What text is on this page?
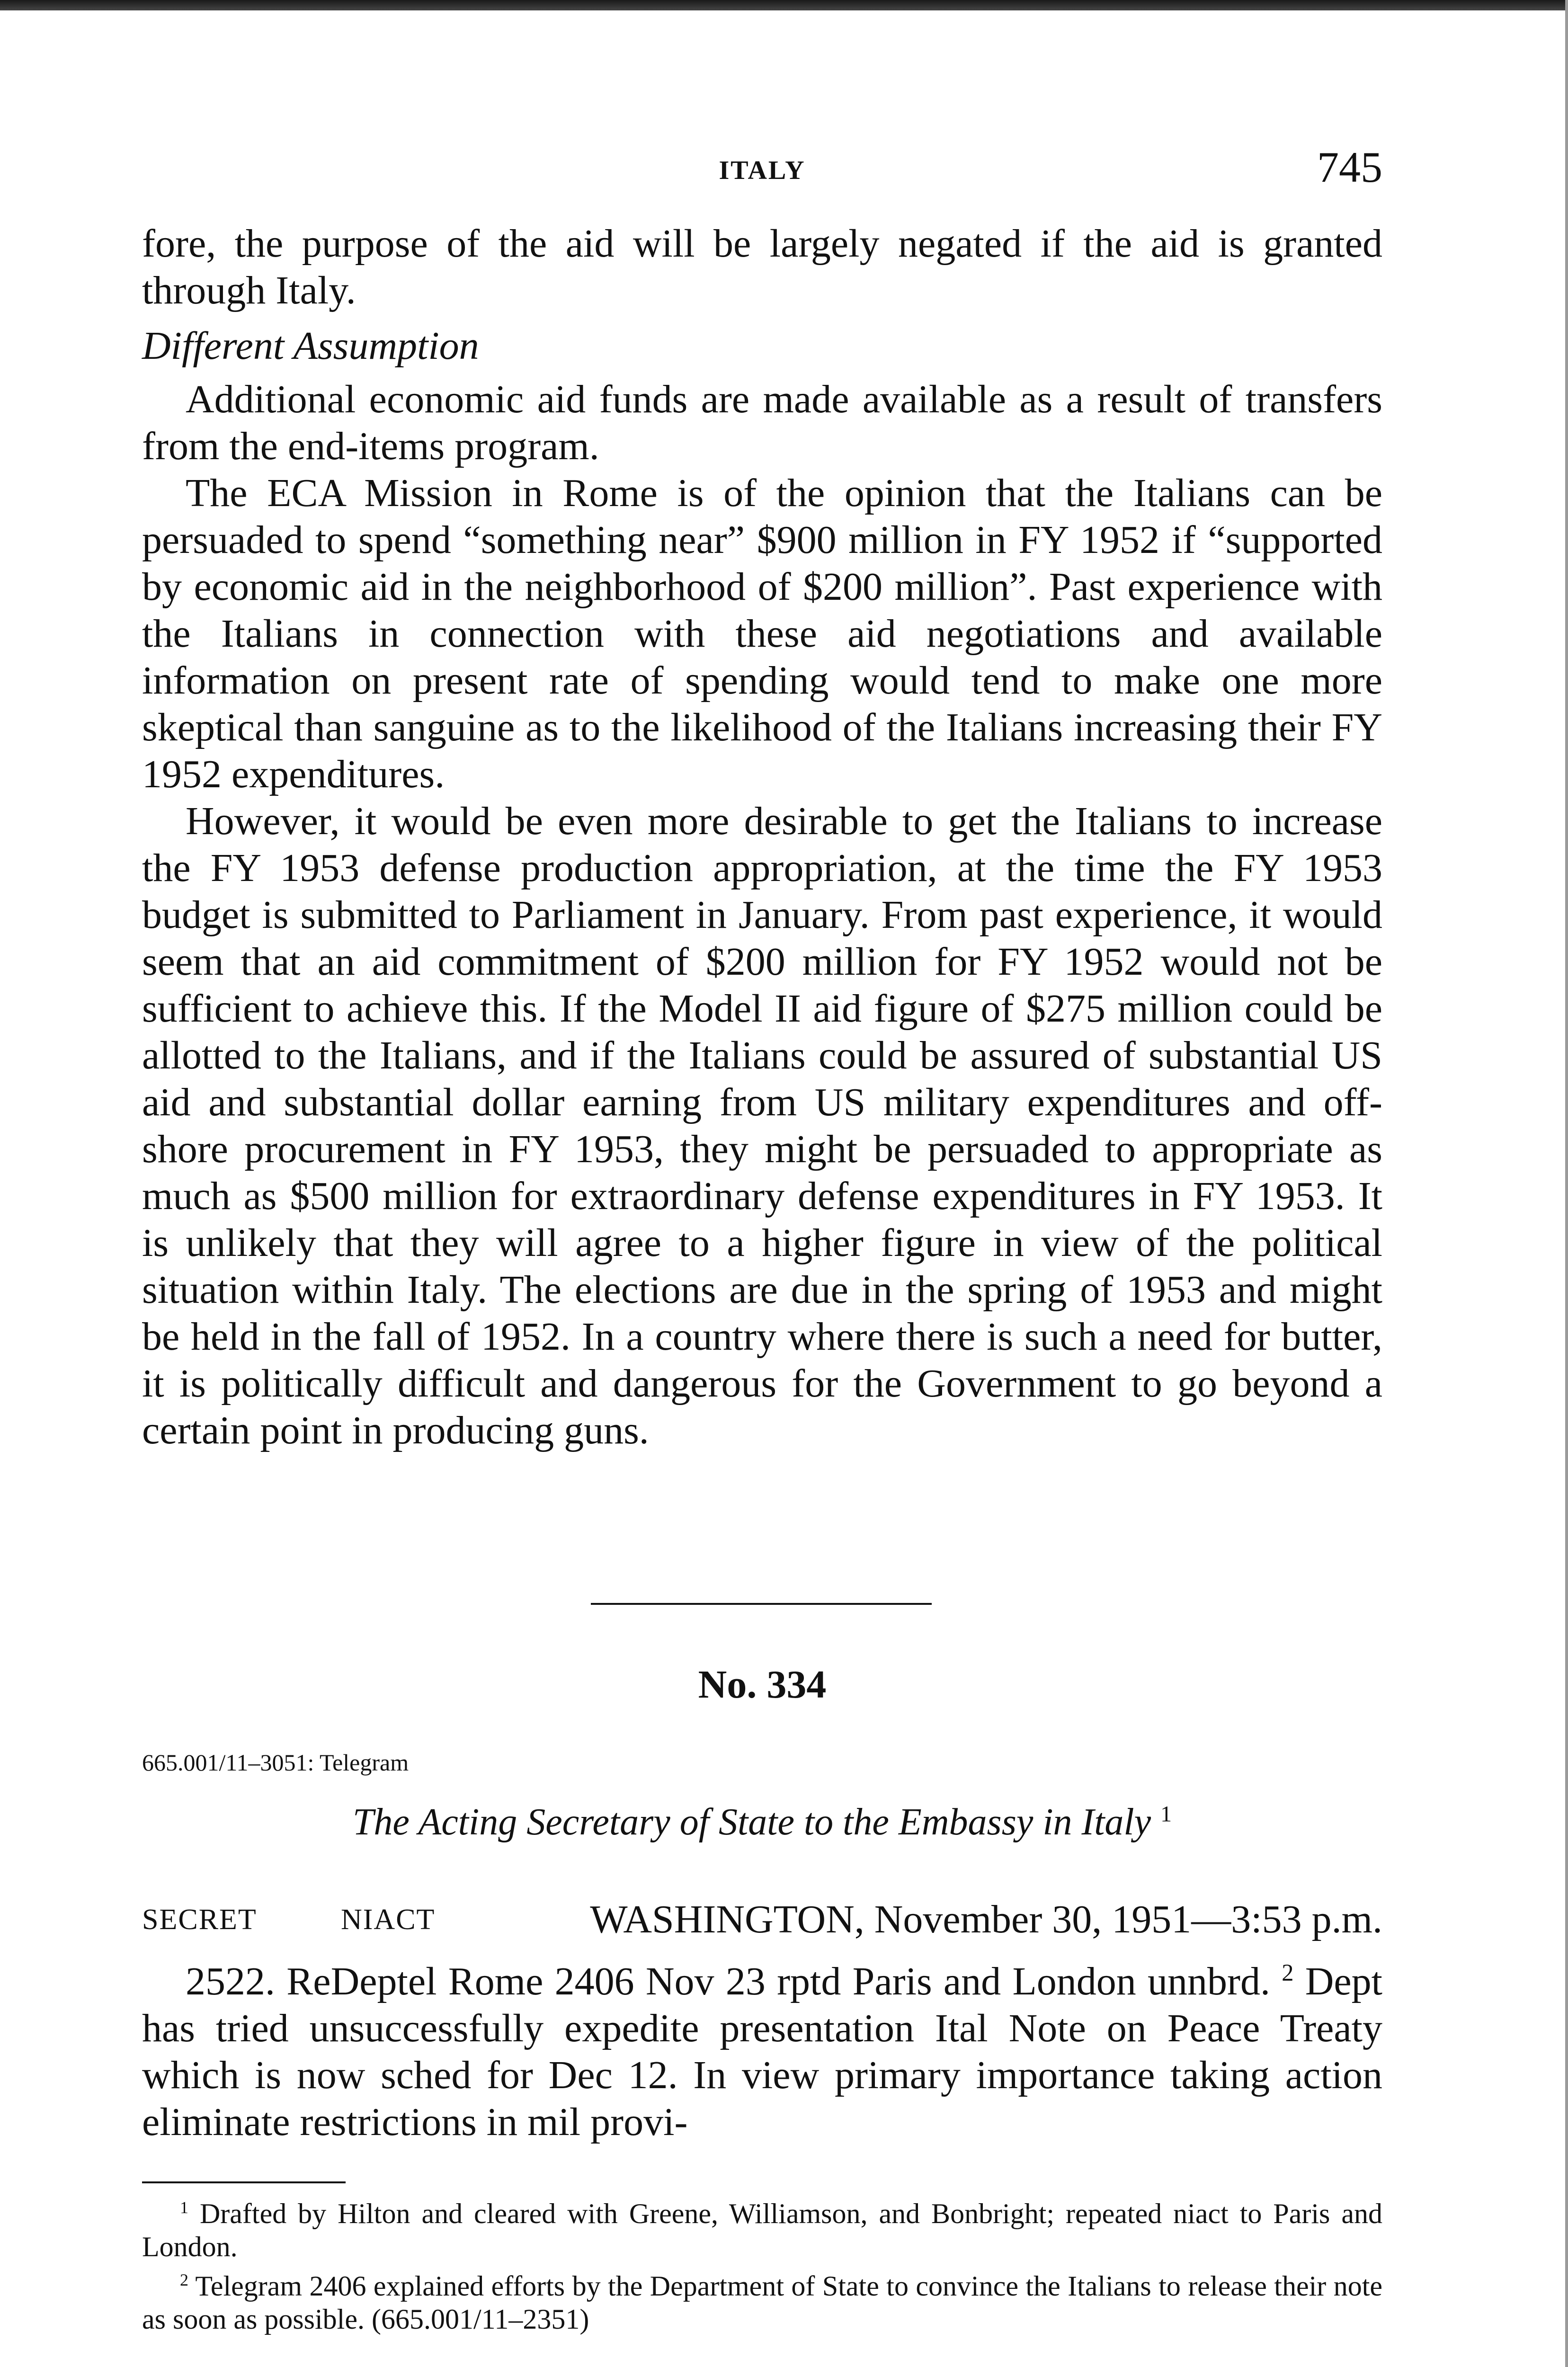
ITALY	745

fore, the purpose of the aid will be largely negated if the aid is granted through Italy.

Different Assumption

Additional economic aid funds are made available as a result of transfers from the end-items program.

The ECA Mission in Rome is of the opinion that the Italians can be persuaded to spend “something near” $900 million in FY 1952 if “supported by economic aid in the neighborhood of $200 million”. Past experience with the Italians in connection with these aid negotiations and available information on present rate of spending would tend to make one more skeptical than sanguine as to the likelihood of the Italians increasing their FY 1952 expenditures.

However, it would be even more desirable to get the Italians to increase the FY 1953 defense production appropriation, at the time the FY 1953 budget is submitted to Parliament in January. From past experience, it would seem that an aid commitment of $200 million for FY 1952 would not be sufficient to achieve this. If the Model II aid figure of $275 million could be allotted to the Italians, and if the Italians could be assured of substantial US aid and substantial dollar earning from US military expenditures and off-shore procurement in FY 1953, they might be persuaded to appropriate as much as $500 million for extraordinary defense expenditures in FY 1953. It is unlikely that they will agree to a higher figure in view of the political situation within Italy. The elections are due in the spring of 1953 and might be held in the fall of 1952. In a country where there is such a need for butter, it is politically difficult and dangerous for the Government to go beyond a certain point in producing guns.

No. 334
665.001/11–3051: Telegram
The Acting Secretary of State to the Embassy in Italy $^1$
SECRET	NIACT	WASHINGTON, November 30, 1951—3:53 p.m.

2522. ReDeptel Rome 2406 Nov 23 rptd Paris and London unnbrd. $^2$ Dept has tried unsuccessfully expedite presentation Ital Note on Peace Treaty which is now sched for Dec 12. In view primary importance taking action eliminate restrictions in mil provi-

$^1$ Drafted by Hilton and cleared with Greene, Williamson, and Bonbright; repeated niact to Paris and London.

$^2$ Telegram 2406 explained efforts by the Department of State to convince the Italians to release their note as soon as possible. (665.001/11–2351)
